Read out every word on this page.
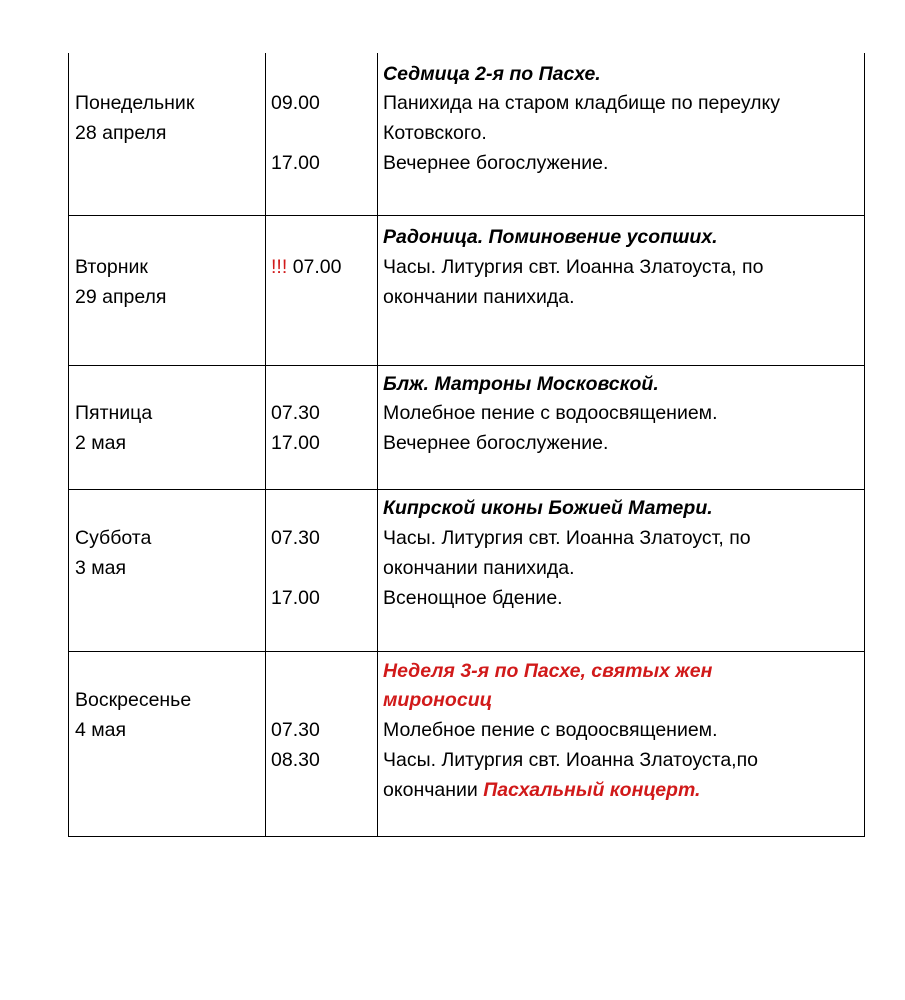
Понедельник
28 апреля
09.00
17.00
Седмица 2-я по Пасхе.
Панихида на старом кладбище по переулку
Котовского.
Вечернее богослужение.
Вторник
29 апреля
!!! 07.00
Радоница. Поминовение усопших.
Часы. Литургия свт. Иоанна Златоуста, по
окончании панихида.
Пятница
2 мая
07.30
17.00
Блж. Матроны Московской.
Молебное пение с водоосвящением.
Вечернее богослужение.
Суббота
3 мая
07.30
17.00
Кипрской иконы Божией Матери.
Часы. Литургия свт. Иоанна Златоуст, по
окончании панихида.
Всенощное бдение.
Воскресенье
4 мая	07.30
08.30
Неделя 3-я по Пасхе, святых жен
мироносиц
Молебное пение с водоосвящением.
Часы. Литургия свт. Иоанна Златоуста,по
окончании Пасхальный концерт.
